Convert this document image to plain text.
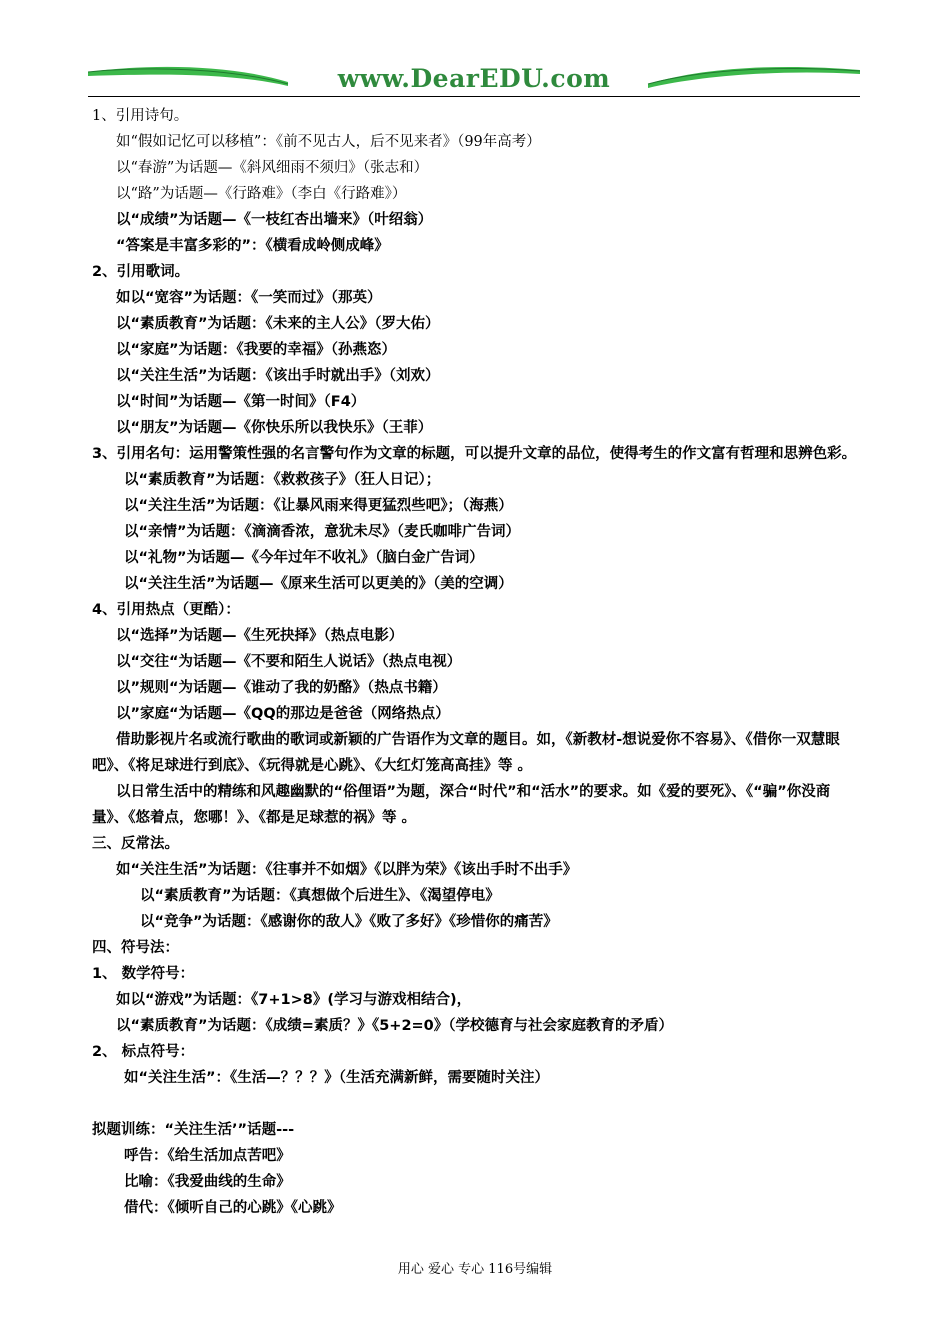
www.DearEDU.com
1、引用诗句。
如“假如记忆可以移植”：《前不见古人，后不见来者》（99年高考）
以“春游”为话题—《斜风细雨不须归》（张志和）
以“路”为话题—《行路难》（李白《行路难》）
以“成绩”为话题—《一枝红杏出墙来》（叶绍翁）
“答案是丰富多彩的”：《横看成岭侧成峰》
2、引用歌词。
如以“宽容”为话题：《一笑而过》（那英）
以“素质教育”为话题：《未来的主人公》（罗大佑）
以“家庭”为话题：《我要的幸福》（孙燕恣）
以“关注生活”为话题：《该出手时就出手》（刘欢）
以“时间”为话题—《第一时间》（F4）
以“朋友”为话题—《你快乐所以我快乐》（王菲）
3、引用名句：运用警策性强的名言警句作为文章的标题，可以提升文章的品位，使得考生的作文富有哲理和思辨色彩。
以“素质教育”为话题：《救救孩子》（狂人日记）；
以“关注生活”为话题：《让暴风雨来得更猛烈些吧》；（海燕）
以“亲情”为话题：《滴滴香浓，意犹未尽》（麦氏咖啡广告词）
以“礼物”为话题—《今年过年不收礼》（脑白金广告词）
以“关注生活”为话题—《原来生活可以更美的》（美的空调）
4、引用热点（更酷）：
以“选择”为话题—《生死抉择》（热点电影）
以“交往“为话题—《不要和陌生人说话》（热点电视）
以”规则“为话题—《谁动了我的奶酪》（热点书籍）
以”家庭“为话题—《QQ的那边是爸爸（网络热点）
借助影视片名或流行歌曲的歌词或新颖的广告语作为文章的题目。如，《新教材-想说爱你不容易》、《借你一双慧眼吧》、《将足球进行到底》、《玩得就是心跳》、《大红灯笼高高挂》等 。
以日常生活中的精练和风趣幽默的“俗俚语”为题，深合“时代”和“活水”的要求。如《爱的要死》、《“骗”你没商量》、《悠着点，您哪！》、《都是足球惹的祸》等 。
三、反常法。
如“关注生活”为话题：《往事并不如烟》《以胖为荣》《该出手时不出手》
以“素质教育”为话题：《真想做个后进生》、《渴望停电》
以“竞争”为话题：《感谢你的敌人》《败了多好》《珍惜你的痛苦》
四、符号法：
1、 数学符号：
如以“游戏”为话题：《7+1>8》(学习与游戏相结合)，
以“素质教育”为话题：《成绩=素质？》《5+2=0》（学校德育与社会家庭教育的矛盾）
2、 标点符号：
如“关注生活”：《生活—？？？》（生活充满新鲜，需要随时关注）
拟题训练：“关注生活’”话题---
呼告：《给生活加点苦吧》
比喻：《我爱曲线的生命》
借代：《倾听自己的心跳》《心跳》
用心 爱心 专心 116号编辑
